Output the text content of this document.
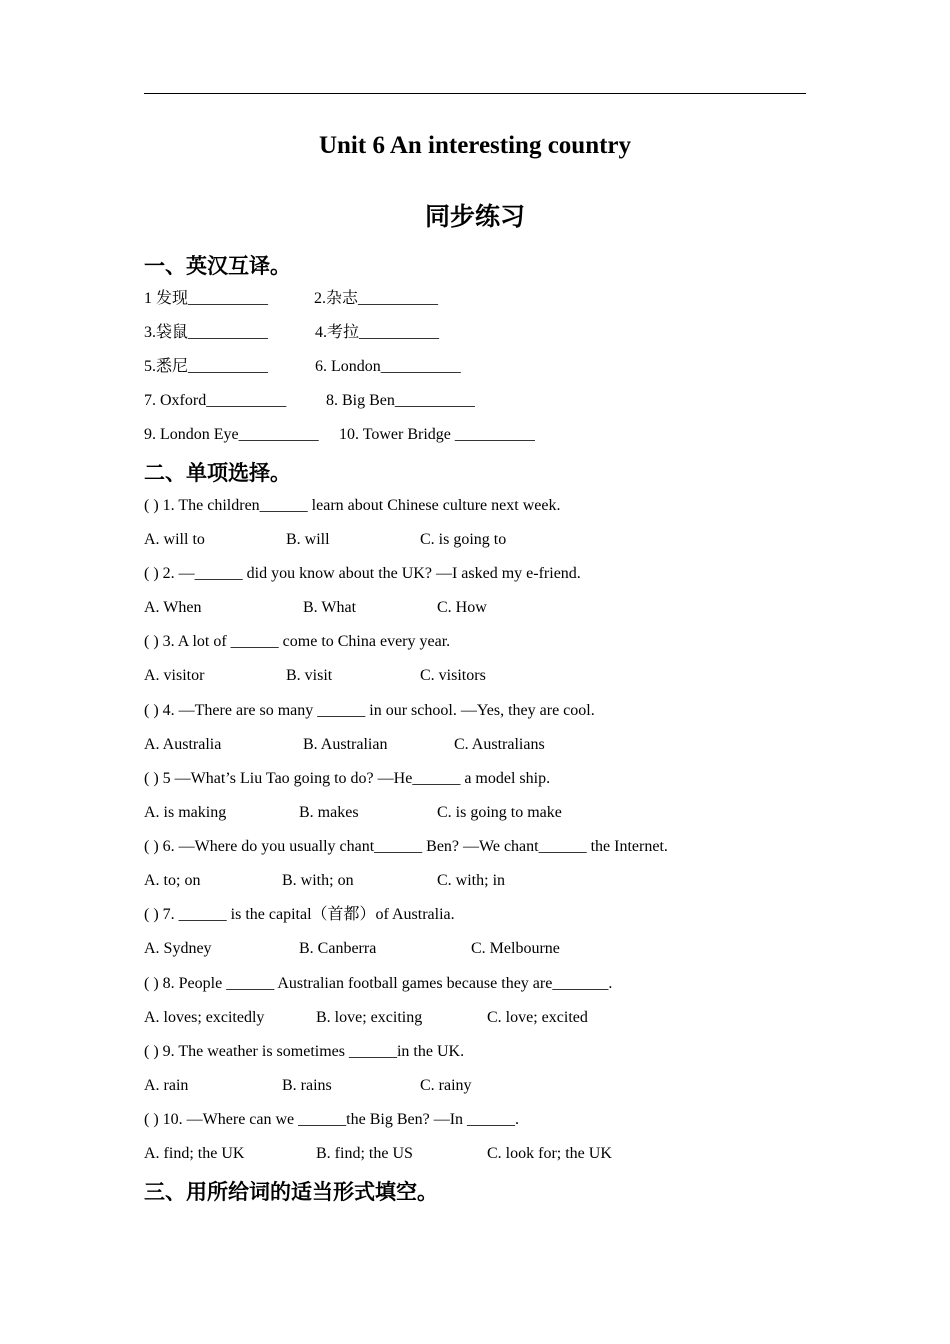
Unit 6 An interesting country
同步练习
一、英汉互译。
1 发现__________	2.杂志__________
3.袋鼠__________	4.考拉__________
5.悉尼__________	6. London__________
7. Oxford__________ 8. Big Ben__________
9. London Eye__________ 10. Tower Bridge __________
二、单项选择。
( ) 1. The children______ learn about Chinese culture next week.
A. will to	B. will	C. is going to
( ) 2. —______ did you know about the UK? —I asked my e-friend.
A. When	B. What	C. How
( ) 3. A lot of ______ come to China every year.
A. visitor	B. visit	C. visitors
( ) 4. —There are so many ______ in our school. —Yes, they are cool.
A. Australia	B. Australian	C. Australians
( ) 5 —What’s Liu Tao going to do? —He______ a model ship.
A. is making	B. makes	C. is going to make
( ) 6. —Where do you usually chant______ Ben? —We chant______ the Internet.
A. to; on	B. with; on	C. with; in
( ) 7. ______ is the capital（首都）of Australia.
A. Sydney	B. Canberra	C. Melbourne
( ) 8. People ______ Australian football games because they are_______.
A. loves; excitedly	B. love; exciting	C. love; excited
( ) 9. The weather is sometimes ______in the UK.
A. rain	B. rains	C. rainy
( ) 10. —Where can we ______the Big Ben? —In ______.
A. find; the UK	B. find; the US	C. look for; the UK
三、用所给词的适当形式填空。
